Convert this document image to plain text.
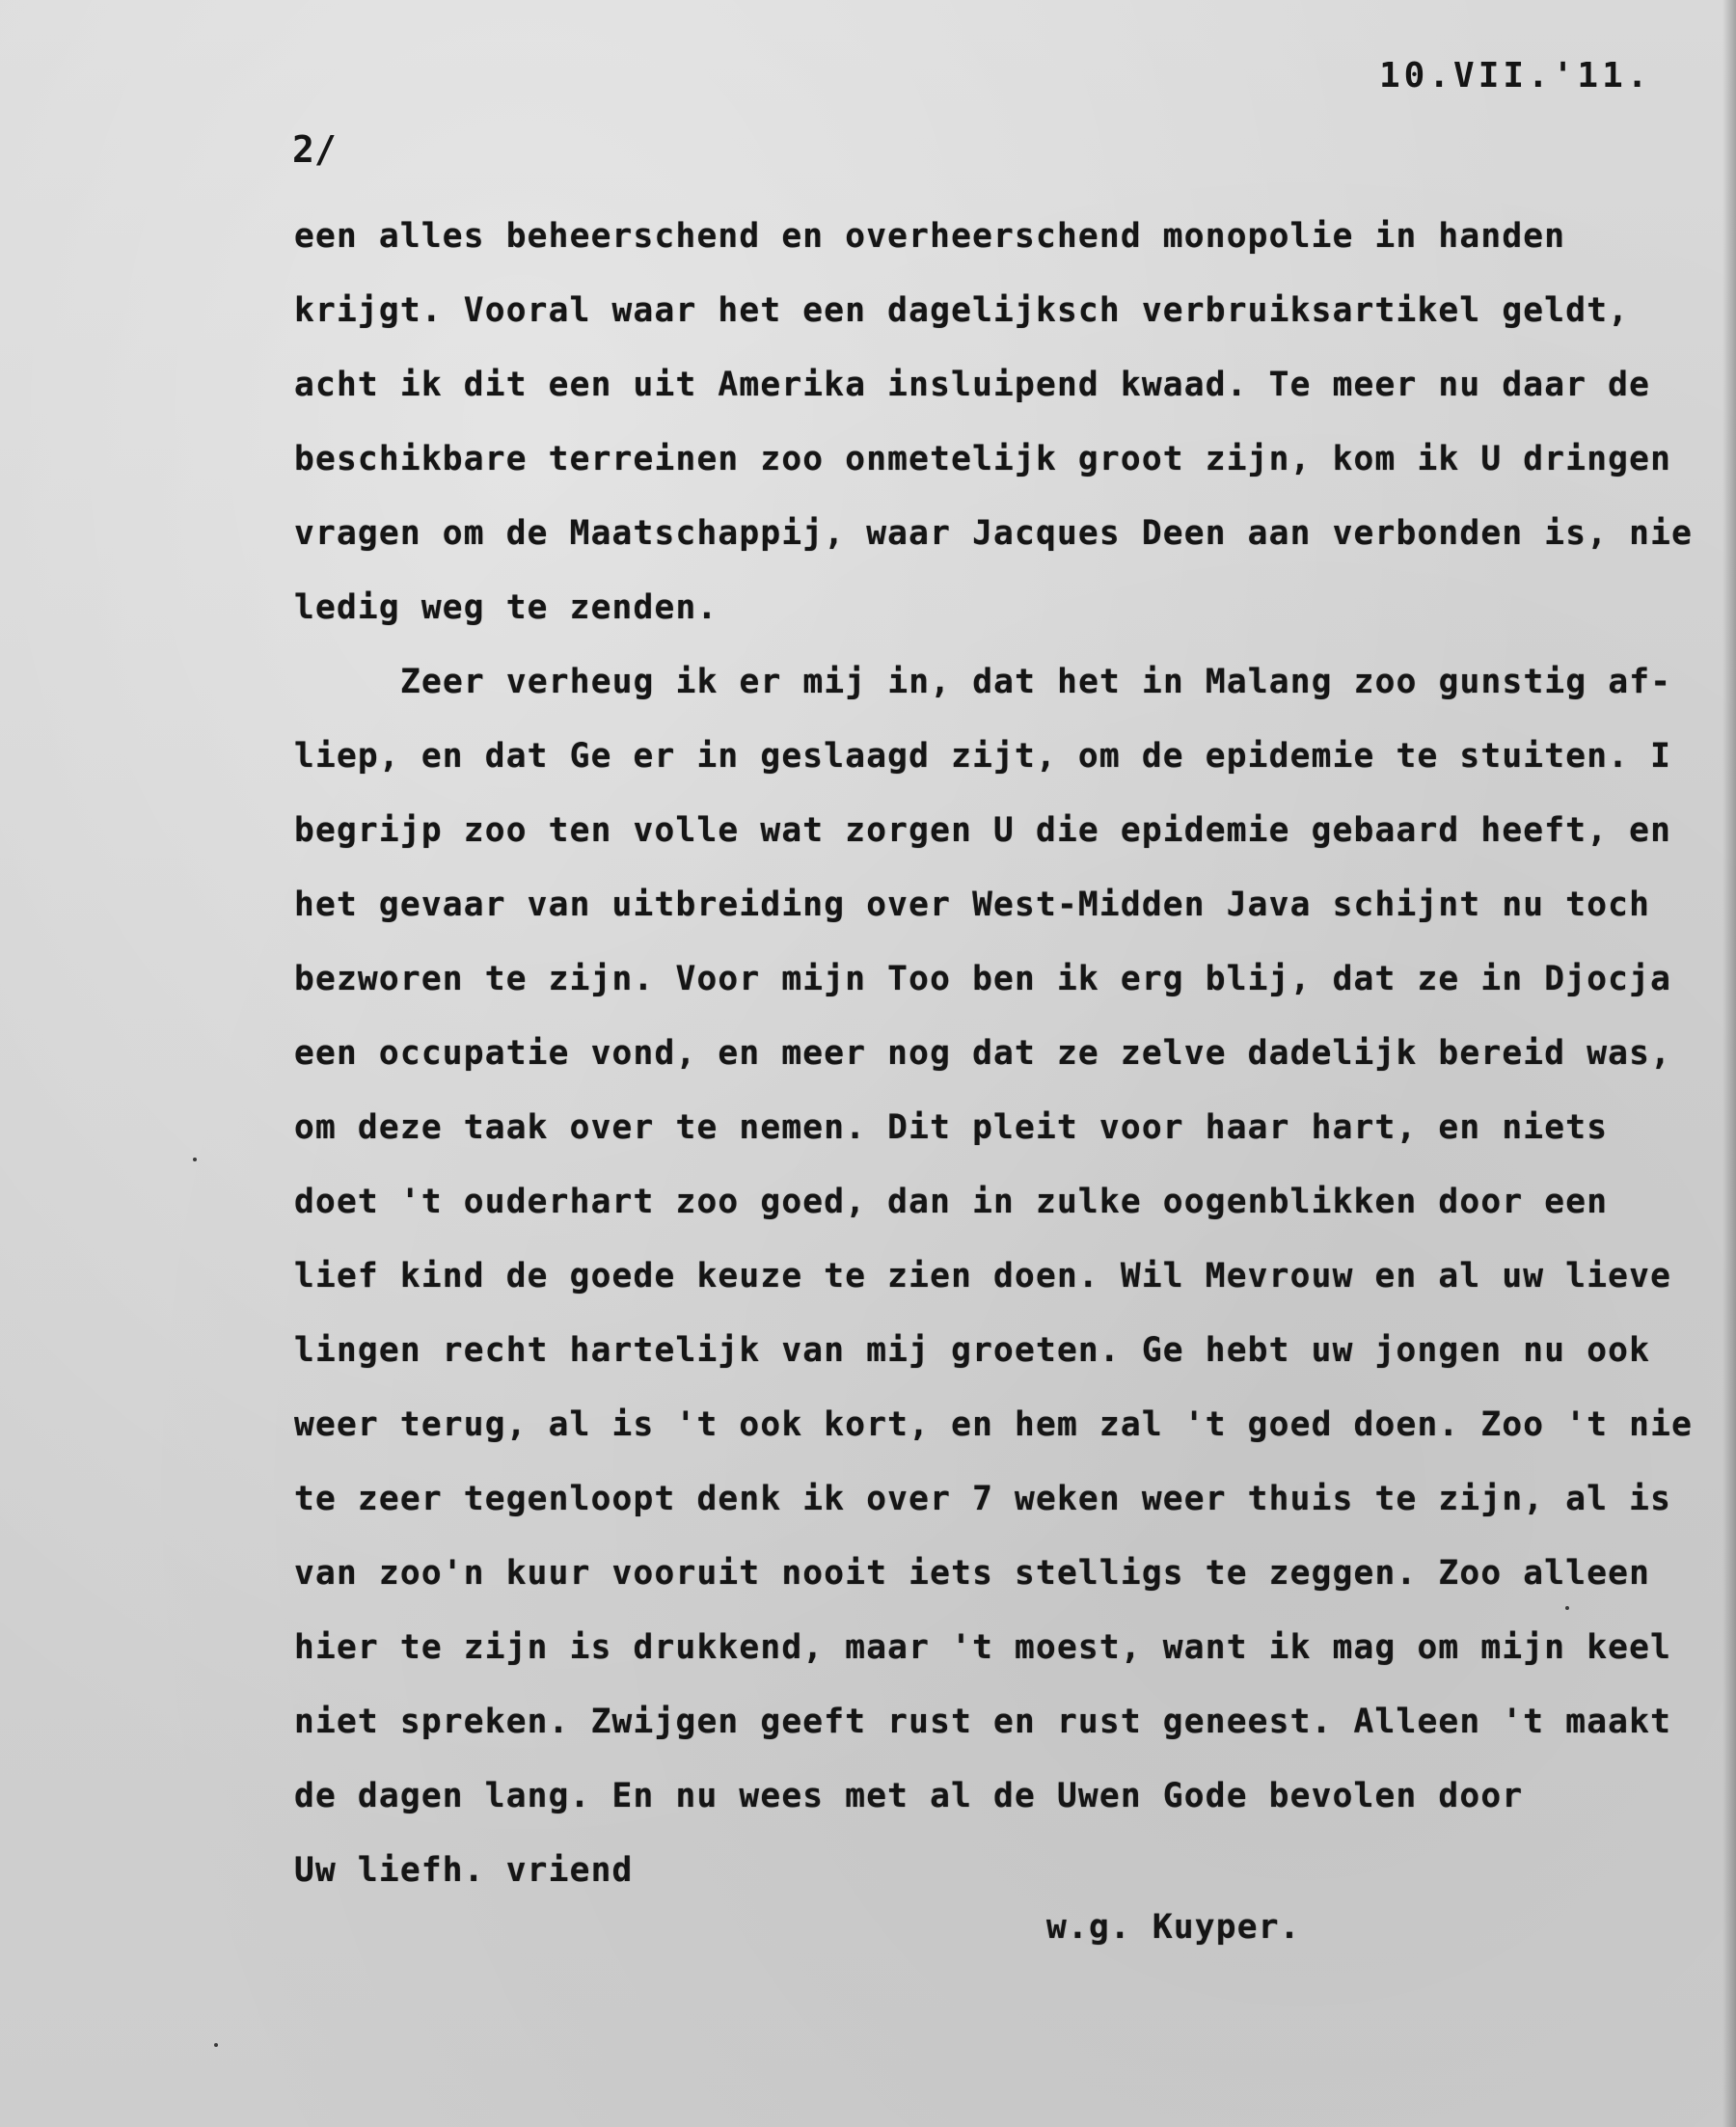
10.VII.'11.
2/
een alles beheerschend en overheerschend monopolie in handen
krijgt. Vooral waar het een dagelijksch verbruiksartikel geldt,
acht ik dit een uit Amerika insluipend kwaad. Te meer nu daar de
beschikbare terreinen zoo onmetelijk groot zijn, kom ik U dringen
vragen om de Maatschappij, waar Jacques Deen aan verbonden is, nie
ledig weg te zenden.
Zeer verheug ik er mij in, dat het in Malang zoo gunstig af-
liep, en dat Ge er in geslaagd zijt, om de epidemie te stuiten. I
begrijp zoo ten volle wat zorgen U die epidemie gebaard heeft, en
het gevaar van uitbreiding over West-Midden Java schijnt nu toch
bezworen te zijn. Voor mijn Too ben ik erg blij, dat ze in Djocja
een occupatie vond, en meer nog dat ze zelve dadelijk bereid was,
om deze taak over te nemen. Dit pleit voor haar hart, en niets
doet 't ouderhart zoo goed, dan in zulke oogenblikken door een
lief kind de goede keuze te zien doen. Wil Mevrouw en al uw lieve
lingen recht hartelijk van mij groeten. Ge hebt uw jongen nu ook
weer terug, al is 't ook kort, en hem zal 't goed doen. Zoo 't nie
te zeer tegenloopt denk ik over 7 weken weer thuis te zijn, al is
van zoo'n kuur vooruit nooit iets stelligs te zeggen. Zoo alleen
hier te zijn is drukkend, maar 't moest, want ik mag om mijn keel
niet spreken. Zwijgen geeft rust en rust geneest. Alleen 't maakt
de dagen lang. En nu wees met al de Uwen Gode bevolen door
Uw liefh. vriend
w.g. Kuyper.
